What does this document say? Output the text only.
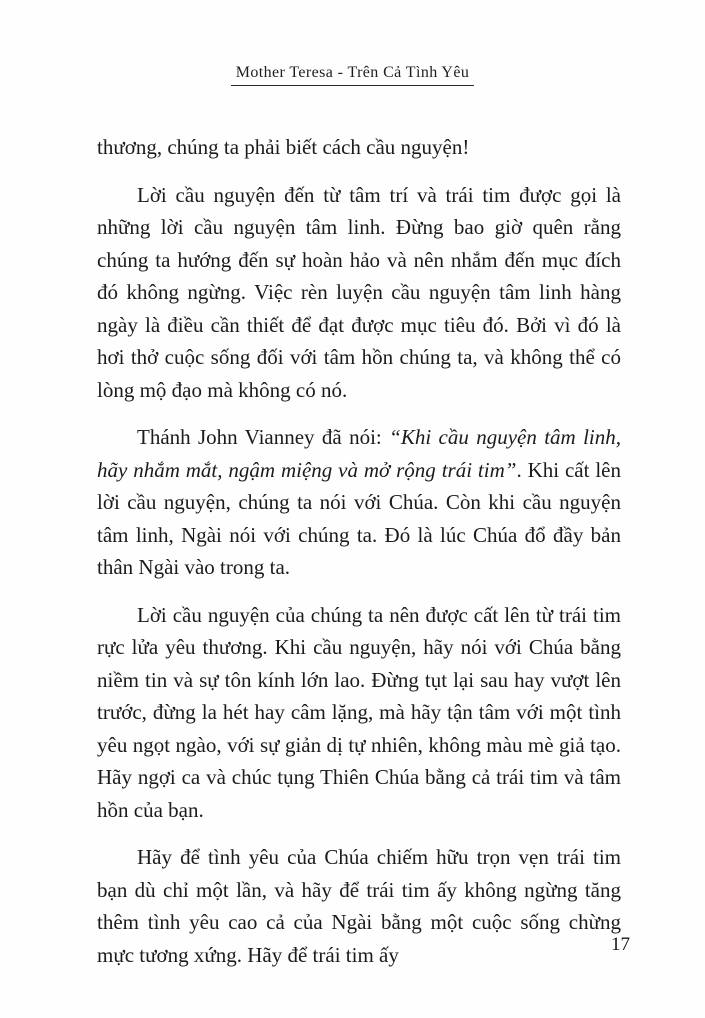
Mother Teresa - Trên Cả Tình Yêu

thương, chúng ta phải biết cách cầu nguyện!

Lời cầu nguyện đến từ tâm trí và trái tim được gọi là những lời cầu nguyện tâm linh. Đừng bao giờ quên rằng chúng ta hướng đến sự hoàn hảo và nên nhắm đến mục đích đó không ngừng. Việc rèn luyện cầu nguyện tâm linh hàng ngày là điều cần thiết để đạt được mục tiêu đó. Bởi vì đó là hơi thở cuộc sống đối với tâm hồn chúng ta, và không thể có lòng mộ đạo mà không có nó.

Thánh John Vianney đã nói: “Khi cầu nguyện tâm linh, hãy nhắm mắt, ngậm miệng và mở rộng trái tim”. Khi cất lên lời cầu nguyện, chúng ta nói với Chúa. Còn khi cầu nguyện tâm linh, Ngài nói với chúng ta. Đó là lúc Chúa đổ đầy bản thân Ngài vào trong ta.

Lời cầu nguyện của chúng ta nên được cất lên từ trái tim rực lửa yêu thương. Khi cầu nguyện, hãy nói với Chúa bằng niềm tin và sự tôn kính lớn lao. Đừng tụt lại sau hay vượt lên trước, đừng la hét hay câm lặng, mà hãy tận tâm với một tình yêu ngọt ngào, với sự giản dị tự nhiên, không màu mè giả tạo. Hãy ngợi ca và chúc tụng Thiên Chúa bằng cả trái tim và tâm hồn của bạn.

Hãy để tình yêu của Chúa chiếm hữu trọn vẹn trái tim bạn dù chỉ một lần, và hãy để trái tim ấy không ngừng tăng thêm tình yêu cao cả của Ngài bằng một cuộc sống chừng mực tương xứng. Hãy để trái tim ấy	17
